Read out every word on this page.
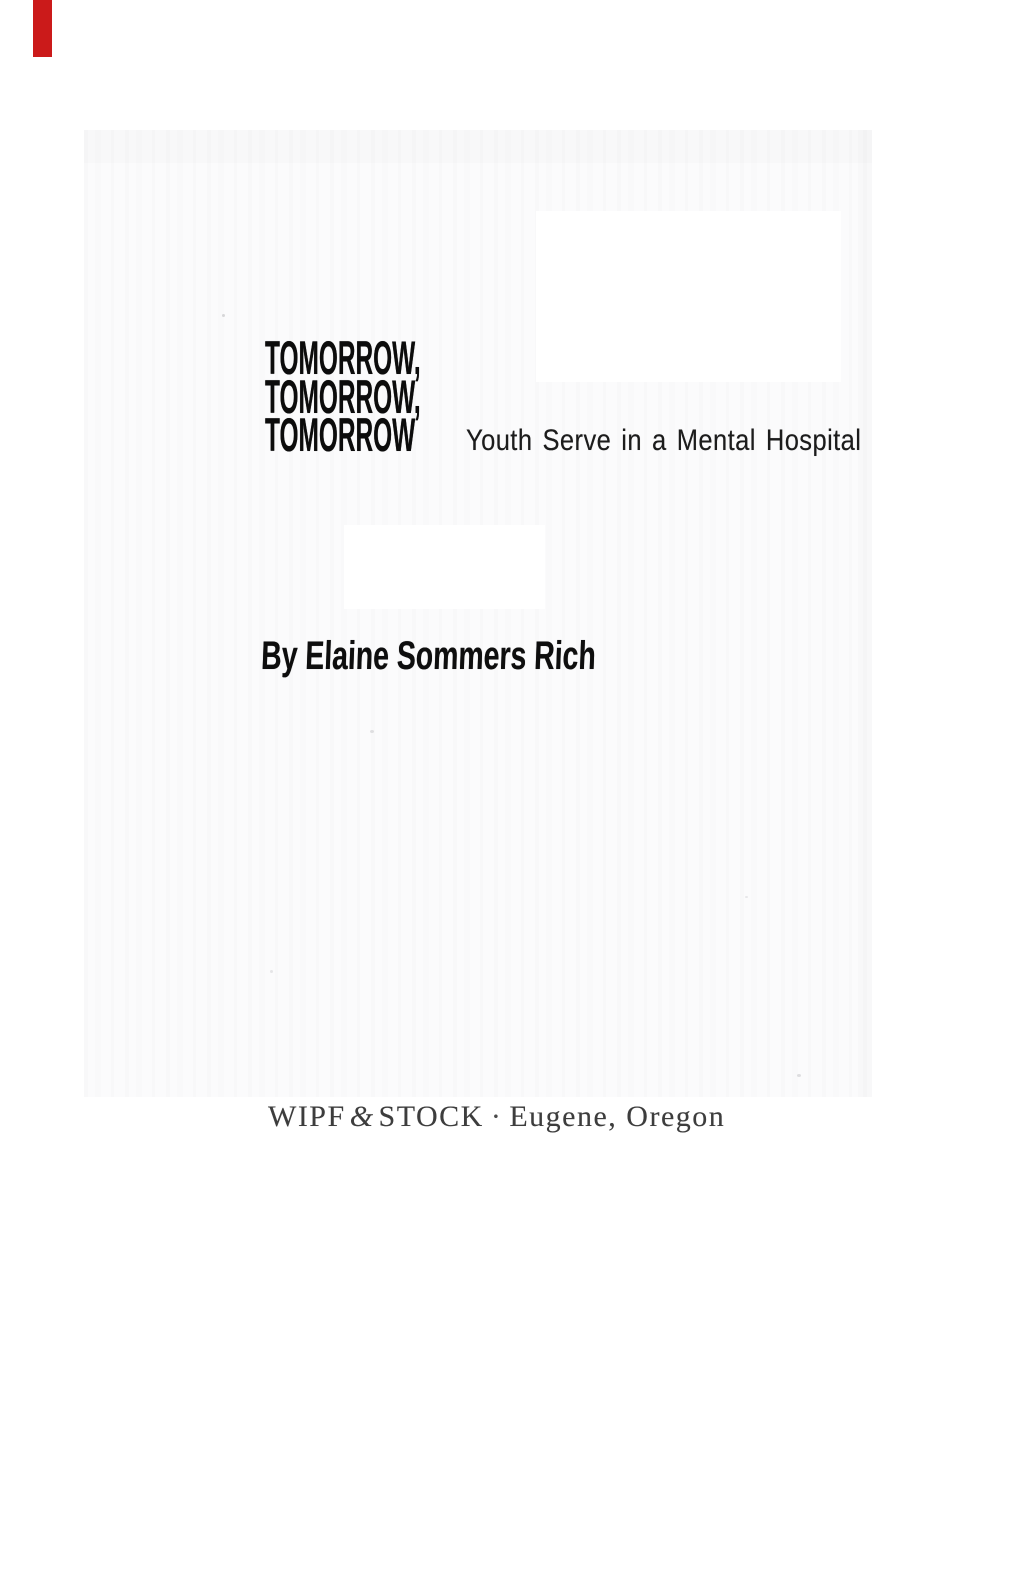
TOMORROW,
TOMORROW,
TOMORROW Youth Serve in a Mental Hospital
By Elaine Sommers Rich
WIPF & STOCK · Eugene, Oregon
